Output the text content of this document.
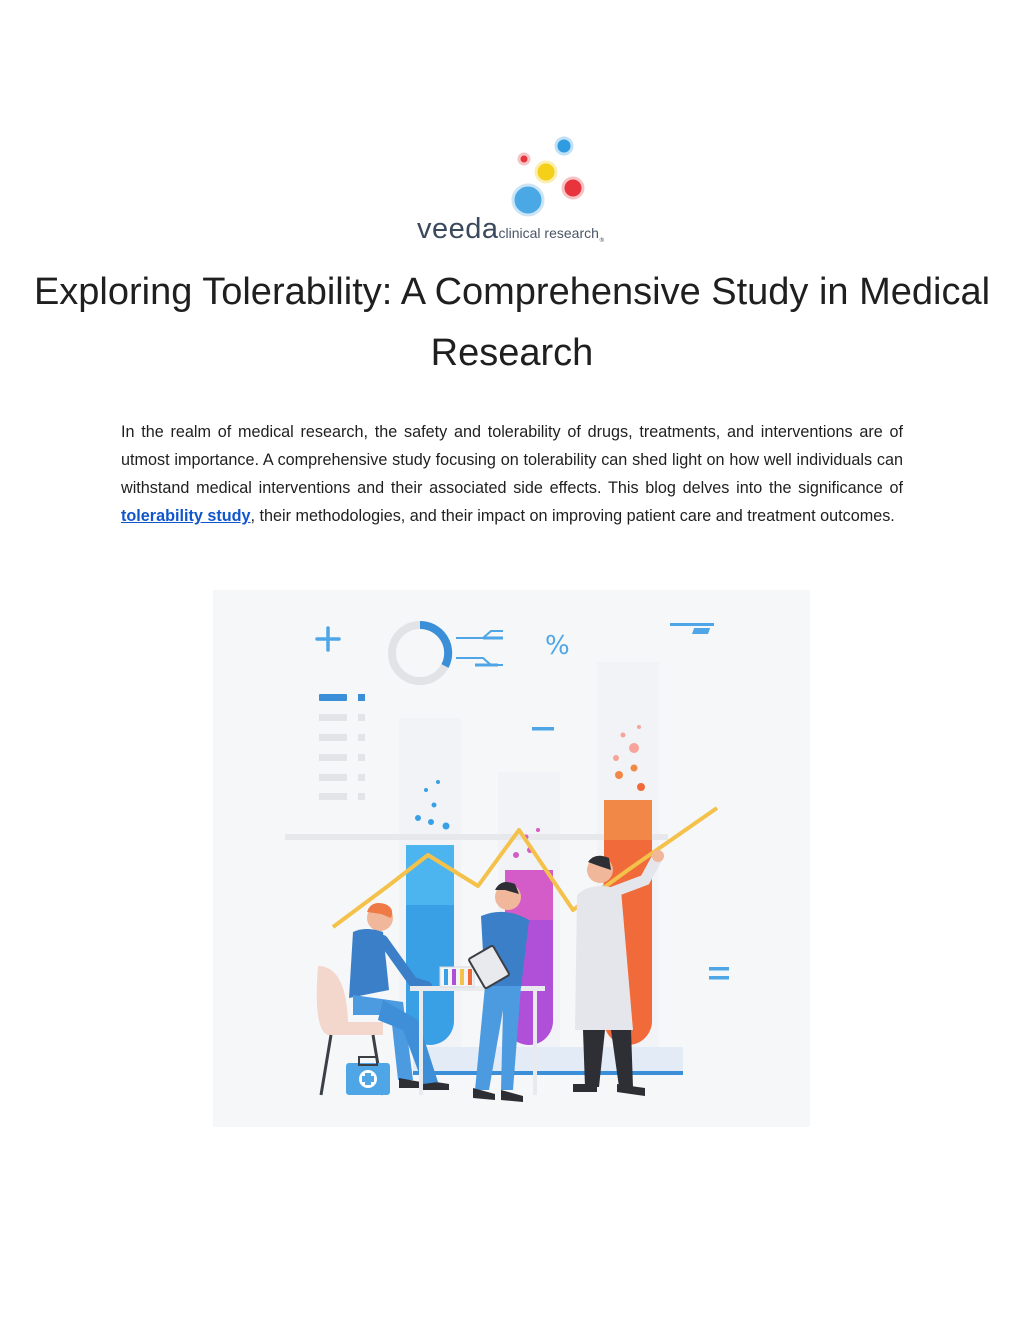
veedaclinical research$_®$
Exploring Tolerability: A Comprehensive Study in Medical Research

In the realm of medical research, the safety and tolerability of drugs, treatments, and interventions are of utmost importance. A comprehensive study focusing on tolerability can shed light on how well individuals can withstand medical interventions and their associated side effects. This blog delves into the significance of tolerability study, their methodologies, and their impact on improving patient care and treatment outcomes.

%
